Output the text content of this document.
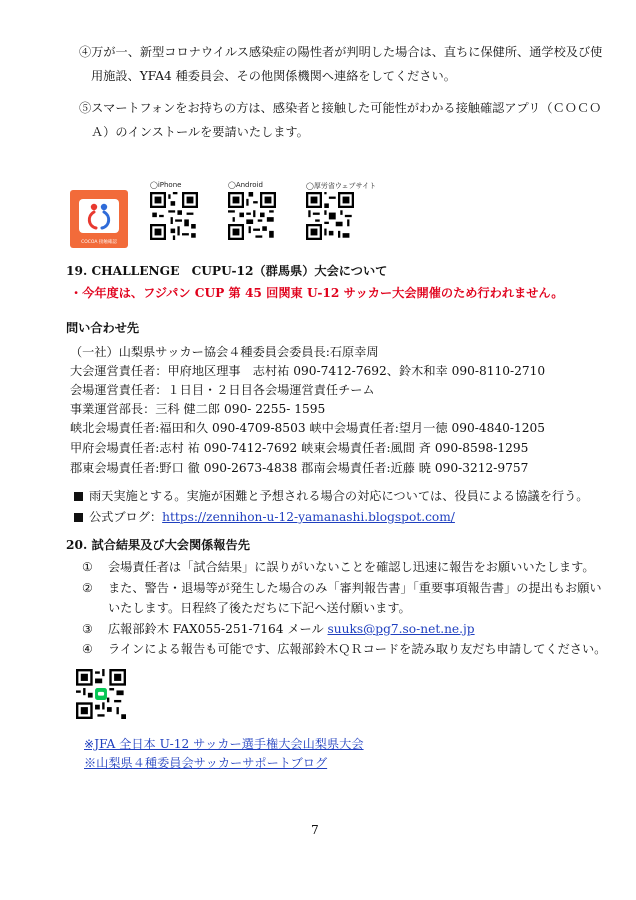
④万が一、新型コロナウイルス感染症の陽性者が判明した場合は、直ちに保健所、通学校及び使
用施設、YFA4 種委員会、その他関係機関へ連絡をしてください。
⑤スマートフォンをお持ちの方は、感染者と接触した可能性がわかる接触確認アプリ（ＣＯＣＯ
Ａ）のインストールを要請いたします。
COCOA 接触確認
◯iPhone	◯Android	◯厚労省ウェブサイト
19. CHALLENGE　CUPU-12（群馬県）大会について
・今年度は、フジパン CUP 第 45 回関東 U-12 サッカー大会開催のため行われません。
問い合わせ先
（一社）山梨県サッカー協会４種委員会委員長:石原幸周
大会運営責任者：甲府地区理事　志村祐 090-7412-7692、鈴木和幸 090-8110-2710
会場運営責任者：１日目・２日目各会場運営責任チーム
事業運営部長：三科 健二郎 090- 2255- 1595
峡北会場責任者:福田和久 090-4709-8503 峡中会場責任者:望月一徳 090-4840-1205
甲府会場責任者:志村 祐 090-7412-7692 峡東会場責任者:風間 斉 090-8598-1295
郡東会場責任者:野口 徹 090-2673-4838 郡南会場責任者:近藤 暁 090-3212-9757
雨天実施とする。実施が困難と予想される場合の対応については、役員による協議を行う。
公式ブログ：https://zennihon-u-12-yamanashi.blogspot.com/
20. 試合結果及び大会関係報告先
① 会場責任者は「試合結果」に誤りがいないことを確認し迅速に報告をお願いいたします。
② また、警告・退場等が発生した場合のみ「審判報告書」「重要事項報告書」の提出もお願い
いたします。日程終了後ただちに下記へ送付願います。
③ 広報部鈴木 FAX055-251-7164 メール suuks@pg7.so-net.ne.jp
④ ラインによる報告も可能です、広報部鈴木ＱＲコードを読み取り友だち申請してください。
※JFA 全日本 U-12 サッカー選手権大会山梨県大会
※山梨県４種委員会サッカーサポートブログ
7
